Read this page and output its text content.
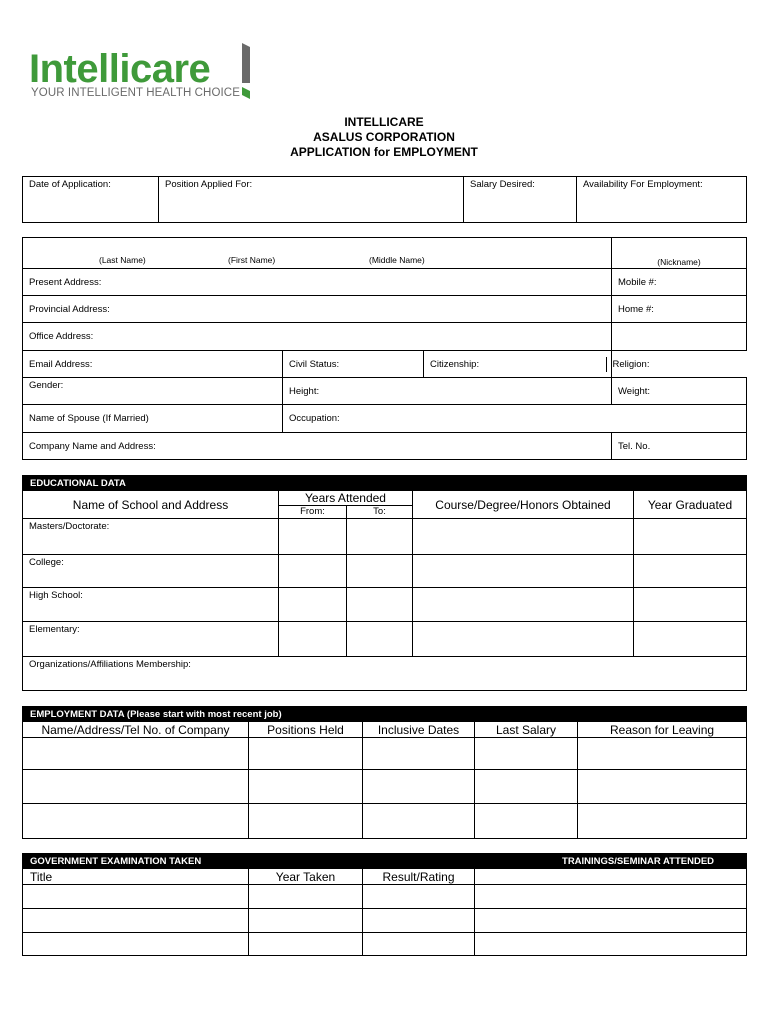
Intellicare
YOUR INTELLIGENT HEALTH CHOICE
INTELLICARE
ASALUS CORPORATION
APPLICATION for EMPLOYMENT
Date of Application:	Position Applied For:	Salary Desired:	Availability For Employment:
(Last Name)	(First Name)	(Middle Name)	(Nickname)
Present Address:	Mobile #:
Provincial Address:	Home #:
Office Address:	
Email Address:	Civil Status:		Citizenship:	Religion:

Gender:	Height:	Weight:
Name of Spouse (If Married)	Occupation:
Company Name and Address:	Tel. No.
EDUCATIONAL DATA				
Name of School and Address	Years Attended		Course/Degree/Honors Obtained	Year Graduated
	From:	To:		
Masters/Doctorate:				
College:				
High School:				
Elementary:				
Organizations/Affiliations Membership:				
EMPLOYMENT DATA (Please start with most recent job)				
Name/Address/Tel No. of Company	Positions Held	Inclusive Dates	Last Salary	Reason for Leaving

GOVERNMENT EXAMINATION TAKEN			TRAININGS/SEMINAR ATTENDED
Title	Year Taken	Result/Rating	
